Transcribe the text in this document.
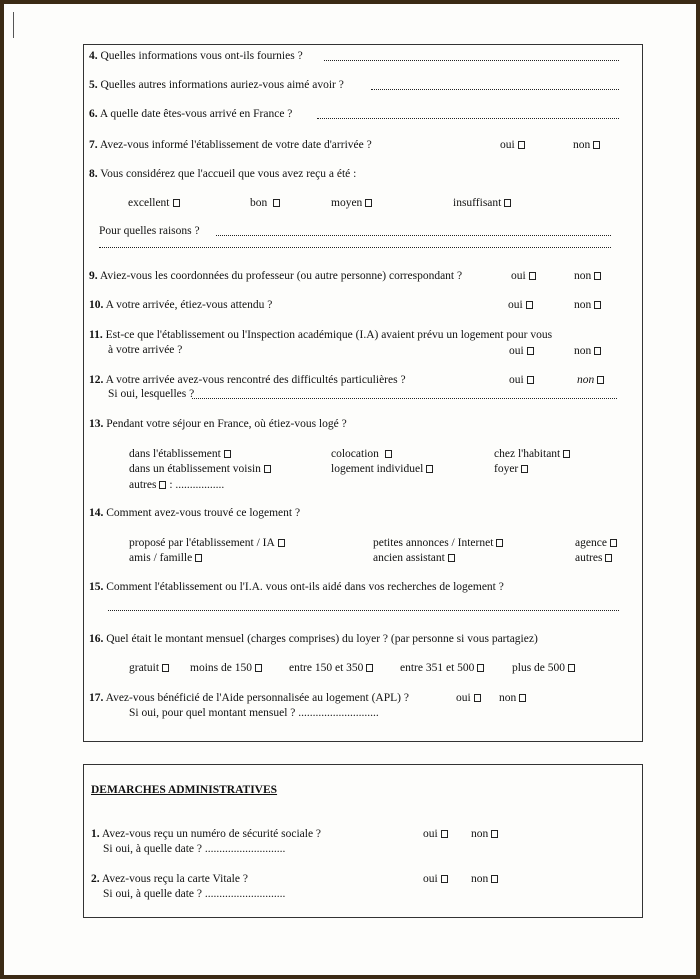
4. Quelles informations vous ont-ils fournies ?
5. Quelles autres informations auriez-vous aimé avoir ?
6. A quelle date êtes-vous arrivé en France ?
7. Avez-vous informé l'établissement de votre date d'arrivée ?	oui	non
8. Vous considérez que l'accueil que vous avez reçu a été :
excellent	bon	moyen	insuffisant
Pour quelles raisons ?
9. Aviez-vous les coordonnées du professeur (ou autre personne) correspondant ?	oui	non
10. A votre arrivée, étiez-vous attendu ?	oui	non
11. Est-ce que l'établissement ou l'Inspection académique (I.A) avaient prévu un logement pour vous
à votre arrivée ?	oui	non
12. A votre arrivée avez-vous rencontré des difficultés particulières ?	oui	non
Si oui, lesquelles ?
13. Pendant votre séjour en France, où étiez-vous logé ?
dans l'établissement	colocation	chez l'habitant
dans un établissement voisin	logement individuel	foyer
autres : .................
14. Comment avez-vous trouvé ce logement ?
proposé par l'établissement / IA	petites annonces / Internet	agence
amis / famille	ancien assistant	autres
15. Comment l'établissement ou l'I.A. vous ont-ils aidé dans vos recherches de logement ?
16. Quel était le montant mensuel (charges comprises) du loyer ? (par personne si vous partagiez)
gratuit	moins de 150	entre 150 et 350	entre 351 et 500	plus de 500
17. Avez-vous bénéficié de l'Aide personnalisée au logement (APL) ?	oui	non
Si oui, pour quel montant mensuel ? ............................
DEMARCHES ADMINISTRATIVES
1. Avez-vous reçu un numéro de sécurité sociale ?	oui	non
Si oui, à quelle date ? ............................
2. Avez-vous reçu la carte Vitale ?	oui	non
Si oui, à quelle date ? ............................
